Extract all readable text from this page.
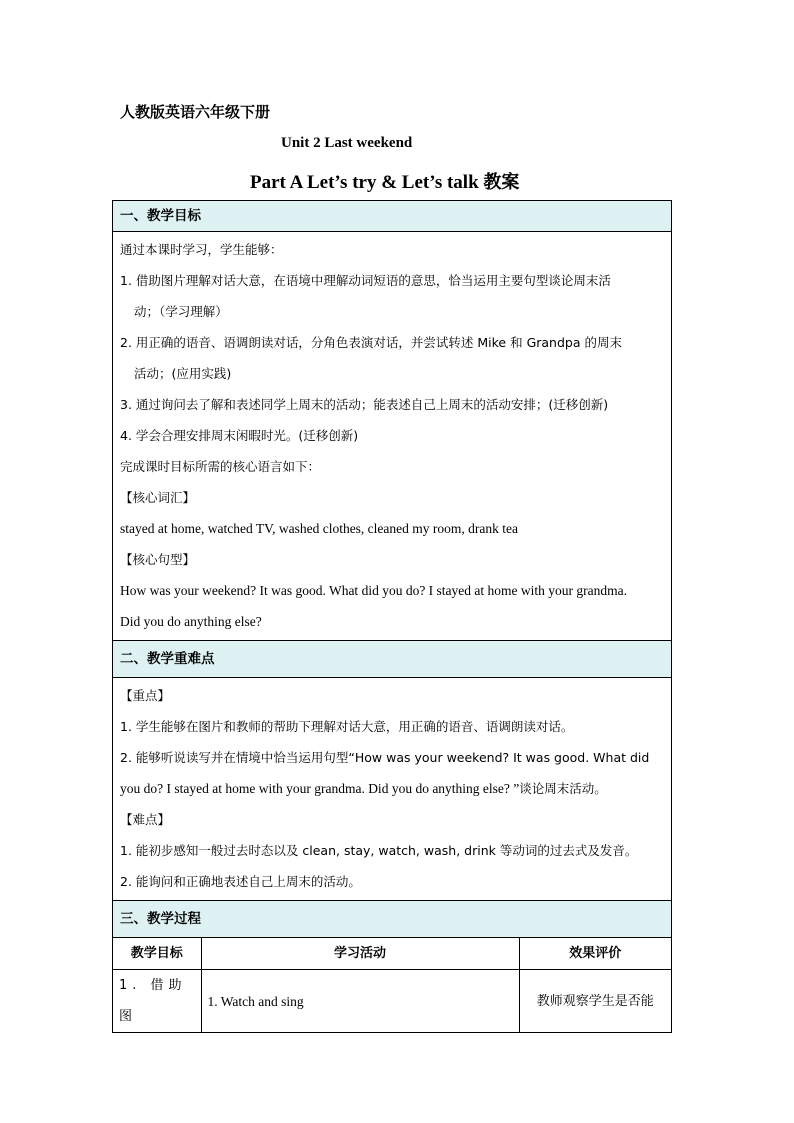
人教版英语六年级下册
Unit 2 Last weekend
Part A Let’s try & Let’s talk 教案
一、教学目标
通过本课时学习，学生能够：
1. 借助图片理解对话大意，在语境中理解动词短语的意思，恰当运用主要句型谈论周末活
动；（学习理解）
2. 用正确的语音、语调朗读对话，分角色表演对话，并尝试转述 Mike 和 Grandpa 的周末
活动；(应用实践)
3. 通过询问去了解和表述同学上周末的活动；能表述自己上周末的活动安排；(迁移创新)
4. 学会合理安排周末闲暇时光。(迁移创新)
完成课时目标所需的核心语言如下：
【核心词汇】
stayed at home, watched TV, washed clothes, cleaned my room, drank tea
【核心句型】
How was your weekend? It was good. What did you do? I stayed at home with your grandma.
Did you do anything else?
二、教学重难点
【重点】
1. 学生能够在图片和教师的帮助下理解对话大意，用正确的语音、语调朗读对话。
2. 能够听说读写并在情境中恰当运用句型“How was your weekend? It was good. What did
you do? I stayed at home with your grandma. Did you do anything else? ”谈论周末活动。
【难点】
1. 能初步感知一般过去时态以及 clean, stay, watch, wash, drink 等动词的过去式及发音。
2. 能询问和正确地表述自己上周末的活动。
三、教学过程
教学目标	学习活动	效果评价
1. 借助图	1. Watch and sing	教师观察学生是否能
